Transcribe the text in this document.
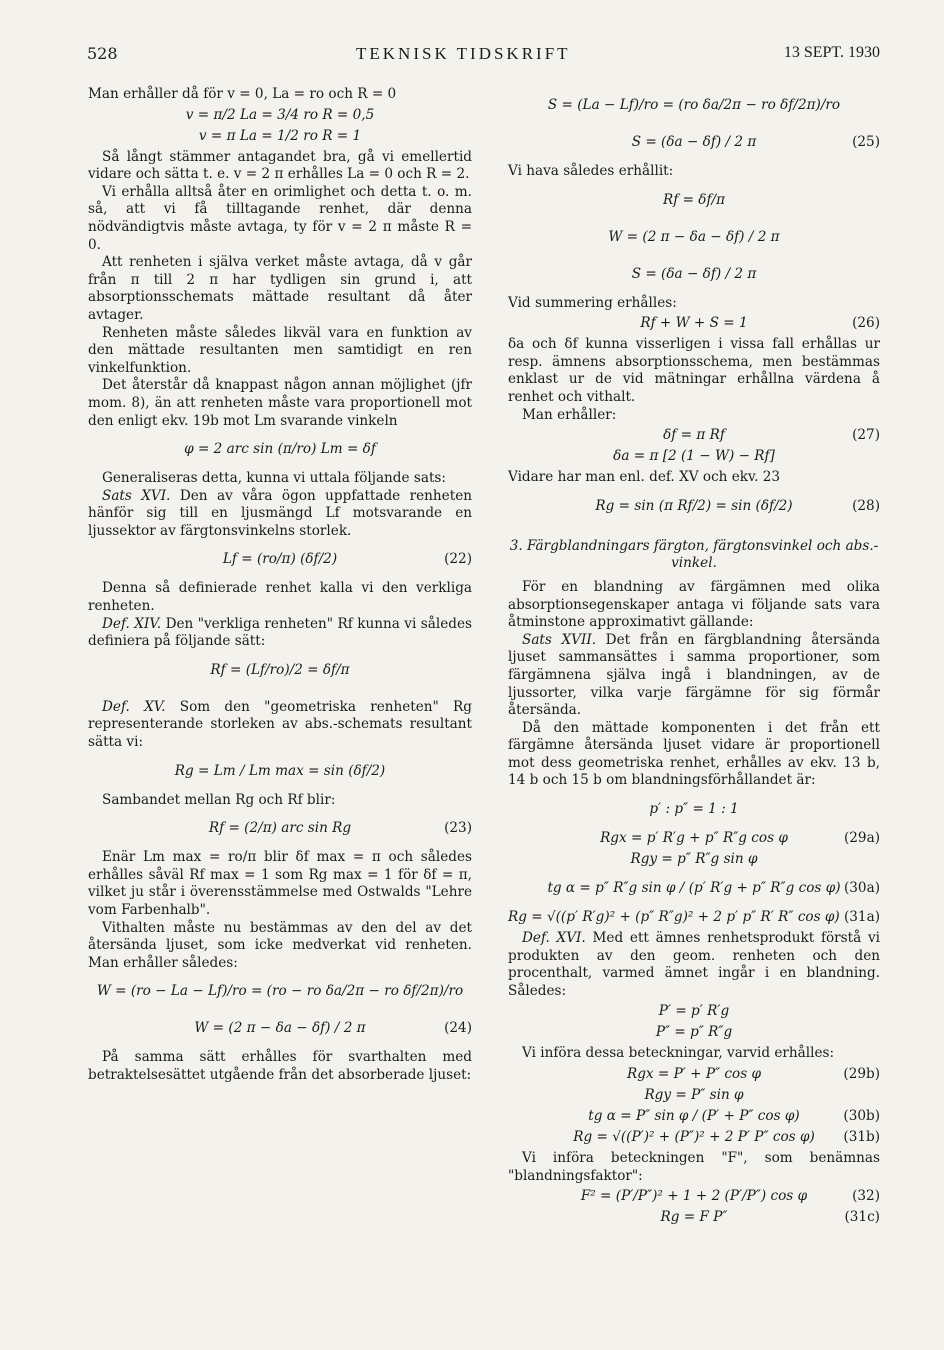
528	TEKNISK TIDSKRIFT	13 SEPT. 1930

Man erhåller då för v = 0, La = ro och R = 0

v = π/2 La = 3/4 ro R = 0,5
v = π La = 1/2 ro R = 1

Så långt stämmer antagandet bra, gå vi emellertid vidare och sätta t. e. v = 2 π erhålles La = 0 och R = 2.

Vi erhålla alltså åter en orimlighet och detta t. o. m. så, att vi få tilltagande renhet, där denna nödvändigtvis måste avtaga, ty för v = 2 π måste R = 0.

Att renheten i själva verket måste avtaga, då v går från π till 2 π har tydligen sin grund i, att absorptionsschemats mättade resultant då åter avtager.

Renheten måste således likväl vara en funktion av den mättade resultanten men samtidigt en ren vinkelfunktion.

Det återstår då knappast någon annan möjlighet (jfr mom. 8), än att renheten måste vara proportionell mot den enligt ekv. 19b mot Lm svarande vinkeln

φ = 2 arc sin (π/ro) Lm = δf

Generaliseras detta, kunna vi uttala följande sats:

Sats XVI. Den av våra ögon uppfattade renheten hänför sig till en ljusmängd Lf motsvarande en ljussektor av färgtonsvinkelns storlek.

Lf = (ro/π) (δf/2)	(22)

Denna så definierade renhet kalla vi den verkliga renheten.

Def. XIV. Den "verkliga renheten" Rf kunna vi således definiera på följande sätt:

Rf = (Lf/ro)/2 = δf/π

Def. XV. Som den "geometriska renheten" Rg representerande storleken av abs.-schemats resultant sätta vi:

Rg = Lm / Lm max = sin (δf/2)

Sambandet mellan Rg och Rf blir:

Rf = (2/π) arc sin Rg	(23)

Enär Lm max = ro/π blir δf max = π och således erhålles såväl Rf max = 1 som Rg max = 1 för δf = π, vilket ju står i överensstämmelse med Ostwalds "Lehre vom Farbenhalb".

Vithalten måste nu bestämmas av den del av det återsända ljuset, som icke medverkat vid renheten. Man erhåller således:

W = (ro − La − Lf)/ro = (ro − ro δa/2π − ro δf/2π)/ro
W = (2 π − δa − δf) / 2 π	(24)

På samma sätt erhålles för svarthalten med betraktelsesättet utgående från det absorberade ljuset:

S = (La − Lf)/ro = (ro δa/2π − ro δf/2π)/ro
S = (δa − δf) / 2 π	(25)

Vi hava således erhållit:

Rf = δf/π
W = (2 π − δa − δf) / 2 π
S = (δa − δf) / 2 π

Vid summering erhålles:

Rf + W + S = 1	(26)

δa och δf kunna visserligen i vissa fall erhållas ur resp. ämnens absorptionsschema, men bestämmas enklast ur de vid mätningar erhållna värdena å renhet och vithalt.

Man erhåller:

δf = π Rf	(27)
δa = π [2 (1 − W) − Rf]

Vidare har man enl. def. XV och ekv. 23

Rg = sin (π Rf/2) = sin (δf/2)	(28)
3. Färgblandningars färgton, färgtonsvinkel och abs.-vinkel.

För en blandning av färgämnen med olika absorptionsegenskaper antaga vi följande sats vara åtminstone approximativt gällande:

Sats XVII. Det från en färgblandning återsända ljuset sammansättes i samma proportioner, som färgämnena själva ingå i blandningen, av de ljussorter, vilka varje färgämne för sig förmår återsända.

Då den mättade komponenten i det från ett färgämne återsända ljuset vidare är proportionell mot dess geometriska renhet, erhålles av ekv. 13 b, 14 b och 15 b om blandningsförhållandet är:

p′ : p″ = 1 : 1
Rgx = p′ R′g + p″ R″g cos φ	(29a)
Rgy = p″ R″g sin φ
tg α = p″ R″g sin φ / (p′ R′g + p″ R″g cos φ) (30a)
Rg = √((p′ R′g)² + (p″ R″g)² + 2 p′ p″ R′ R″ cos φ) (31a)

Def. XVI. Med ett ämnes renhetsprodukt förstå vi produkten av den geom. renheten och den procenthalt, varmed ämnet ingår i en blandning. Således:

P′ = p′ R′g
P″ = p″ R″g

Vi införa dessa beteckningar, varvid erhålles:

Rgx = P′ + P″ cos φ	(29b)
Rgy = P″ sin φ
tg α = P″ sin φ / (P′ + P″ cos φ)	(30b)
Rg = √((P′)² + (P″)² + 2 P′ P″ cos φ) (31b)

Vi införa beteckningen "F", som benämnas "blandningsfaktor":

F² = (P′/P″)² + 1 + 2 (P′/P″) cos φ	(32)
Rg = F P″	(31c)
